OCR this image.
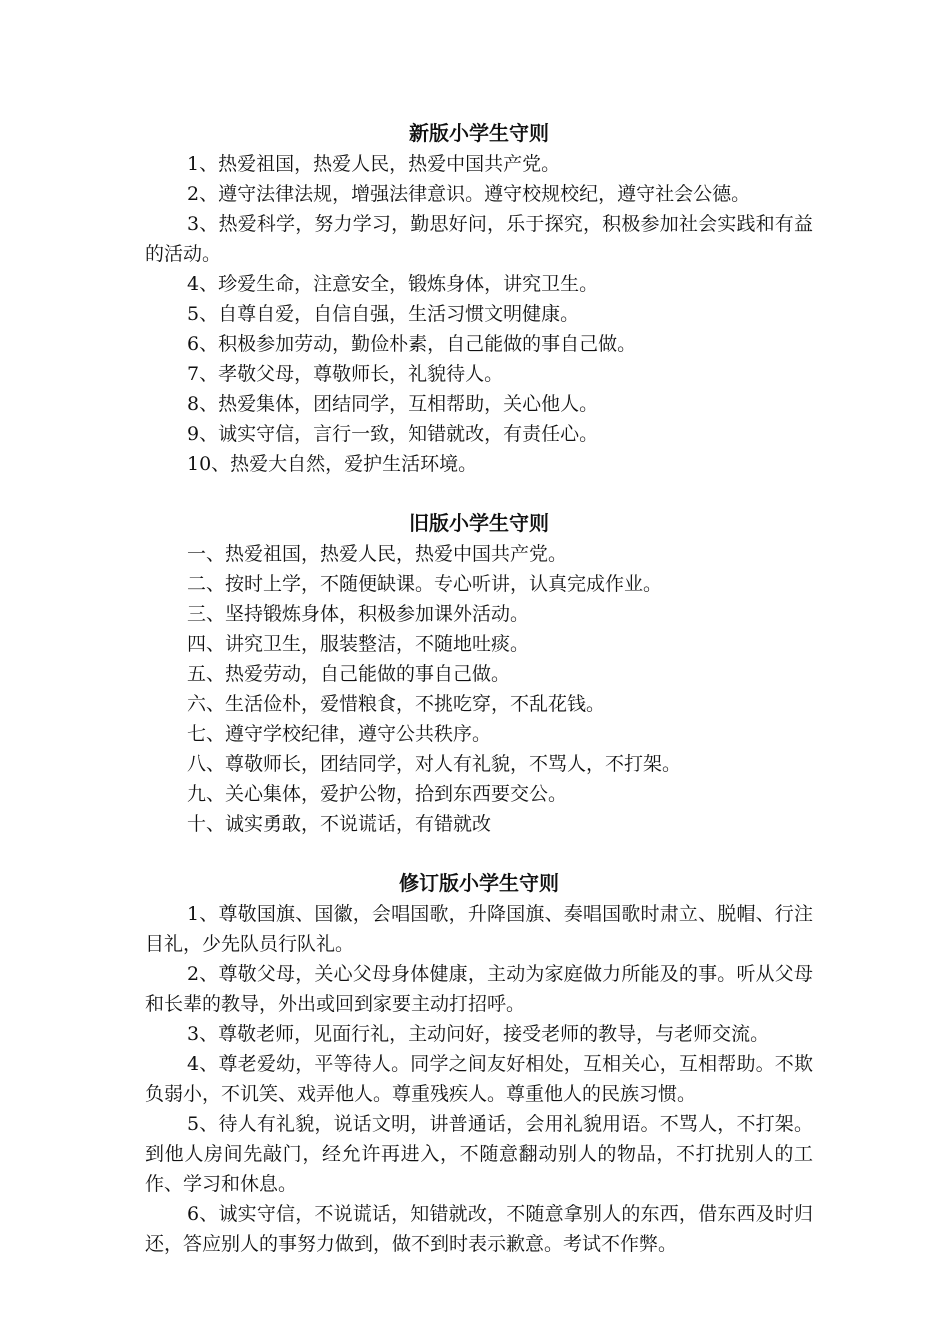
新版小学生守则

1、热爱祖国，热爱人民，热爱中国共产党。

2、遵守法律法规，增强法律意识。遵守校规校纪，遵守社会公德。

3、热爱科学，努力学习，勤思好问，乐于探究，积极参加社会实践和有益的活动。

4、珍爱生命，注意安全，锻炼身体，讲究卫生。

5、自尊自爱，自信自强，生活习惯文明健康。

6、积极参加劳动，勤俭朴素，自己能做的事自己做。

7、孝敬父母，尊敬师长，礼貌待人。

8、热爱集体，团结同学，互相帮助，关心他人。

9、诚实守信，言行一致，知错就改，有责任心。

10、热爱大自然，爱护生活环境。

旧版小学生守则

一、热爱祖国，热爱人民，热爱中国共产党。

二、按时上学，不随便缺课。专心听讲，认真完成作业。

三、坚持锻炼身体，积极参加课外活动。

四、讲究卫生，服装整洁，不随地吐痰。

五、热爱劳动，自己能做的事自己做。

六、生活俭朴，爱惜粮食，不挑吃穿，不乱花钱。

七、遵守学校纪律，遵守公共秩序。

八、尊敬师长，团结同学，对人有礼貌，不骂人，不打架。

九、关心集体，爱护公物，拾到东西要交公。

十、诚实勇敢，不说谎话，有错就改

修订版小学生守则

1、尊敬国旗、国徽，会唱国歌，升降国旗、奏唱国歌时肃立、脱帽、行注目礼，少先队员行队礼。

2、尊敬父母，关心父母身体健康，主动为家庭做力所能及的事。听从父母和长辈的教导，外出或回到家要主动打招呼。

3、尊敬老师，见面行礼，主动问好，接受老师的教导，与老师交流。

4、尊老爱幼，平等待人。同学之间友好相处，互相关心，互相帮助。不欺负弱小，不讥笑、戏弄他人。尊重残疾人。尊重他人的民族习惯。

5、待人有礼貌，说话文明，讲普通话，会用礼貌用语。不骂人，不打架。到他人房间先敲门，经允许再进入，不随意翻动别人的物品，不打扰别人的工作、学习和休息。

6、诚实守信，不说谎话，知错就改，不随意拿别人的东西，借东西及时归还，答应别人的事努力做到，做不到时表示歉意。考试不作弊。
